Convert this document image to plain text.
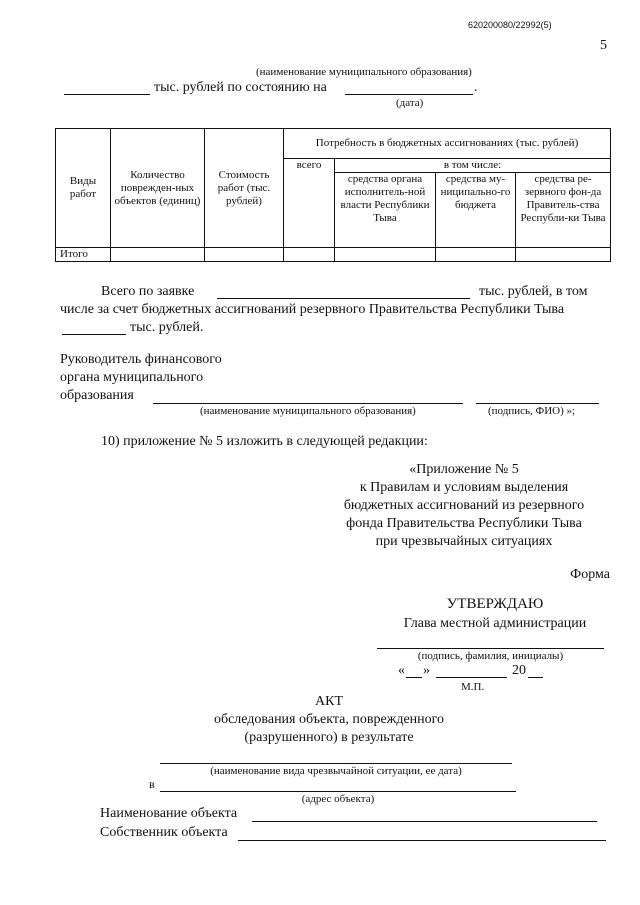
620200080/22992(5)
5
(наименование муниципального образования)
тыс. рублей по состоянию на	.
(дата)
Виды работ	Количество поврежден-ных объектов (единиц)	Стоимость работ (тыс. рублей)	Потребность в бюджетных ассигнованиях (тыс. рублей)			
			всего	в том числе:		
				средства органа исполнитель-ной власти Республики Тыва	средства му-ниципально-го бюджета	средства ре-зервного фон-да Правитель-ства Республи-ки Тыва
Итого						
Всего по заявке	тыс. рублей, в том
числе за счет бюджетных ассигнований резервного Правительства Республики Тыва
тыс. рублей.
Руководитель финансового
органа муниципального
образования
(наименование муниципального образования)	(подпись, ФИО) »;
10) приложение № 5 изложить в следующей редакции:
«Приложение № 5
к Правилам и условиям выделения
бюджетных ассигнований из резервного
фонда Правительства Республики Тыва
при чрезвычайных ситуациях
Форма
УТВЕРЖДАЮ
Глава местной администрации
(подпись, фамилия, инициалы)
« »	20
М.П.
АКТ
обследования объекта, поврежденного
(разрушенного) в результате
(наименование вида чрезвычайной ситуации, ее дата)
в
(адрес объекта)
Наименование объекта
Собственник объекта
